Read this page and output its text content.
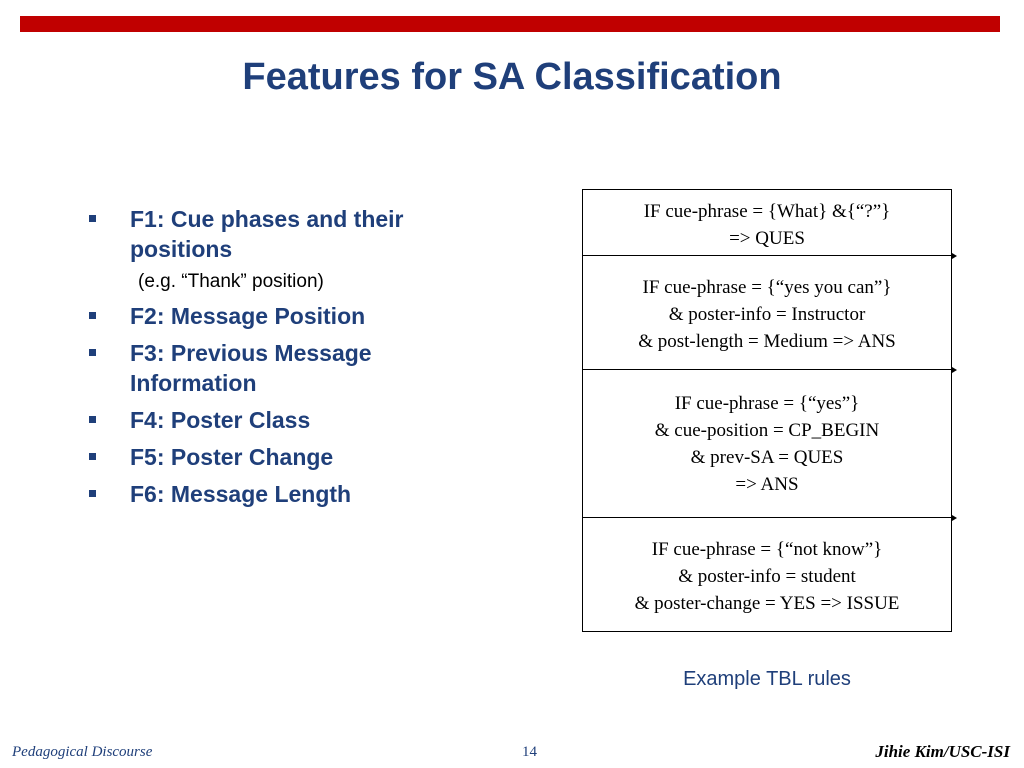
Features for SA Classification
F1: Cue phases and their positions
(e.g. “Thank” position)
F2: Message Position
F3: Previous Message Information
F4: Poster Class
F5: Poster Change
F6: Message Length
IF cue-phrase = {What} &{“?”}
=> QUES
IF cue-phrase = {“yes you can”}
& poster-info = Instructor
& post-length = Medium => ANS
IF cue-phrase = {“yes”}
& cue-position = CP_BEGIN
& prev-SA = QUES
=> ANS
IF cue-phrase = {“not know”}
& poster-info = student
& poster-change = YES => ISSUE
Example TBL rules
Pedagogical Discourse	14	Jihie Kim/USC-ISI
